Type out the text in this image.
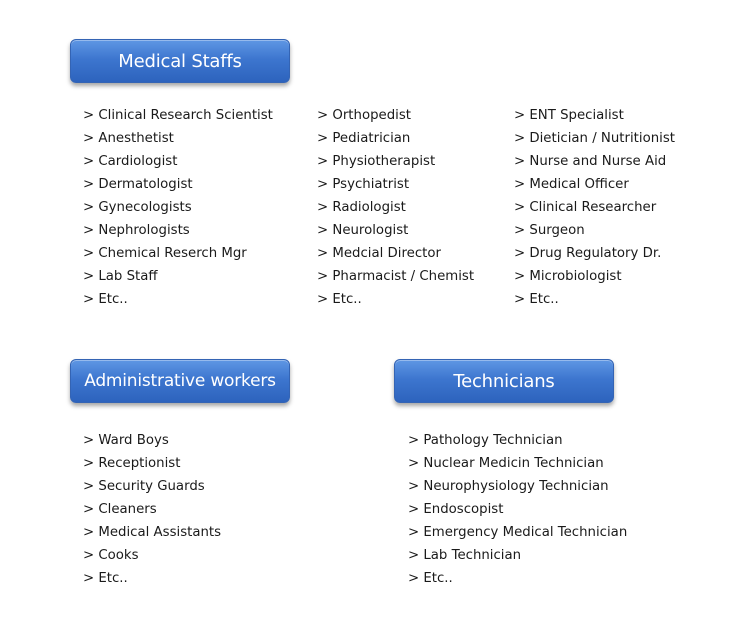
Medical Staffs
> Clinical Research Scientist
> Anesthetist
> Cardiologist
> Dermatologist
> Gynecologists
> Nephrologists
> Chemical Reserch Mgr
> Lab Staff
> Etc..
> Orthopedist
> Pediatrician
> Physiotherapist
> Psychiatrist
> Radiologist
> Neurologist
> Medcial Director
> Pharmacist / Chemist
> Etc..
> ENT Specialist
> Dietician / Nutritionist
> Nurse and Nurse Aid
> Medical Officer
> Clinical Researcher
> Surgeon
> Drug Regulatory Dr.
> Microbiologist
> Etc..
Administrative workers
> Ward Boys
> Receptionist
> Security Guards
> Cleaners
> Medical Assistants
> Cooks
> Etc..
Technicians
> Pathology Technician
> Nuclear Medicin Technician
> Neurophysiology Technician
> Endoscopist
> Emergency Medical Technician
> Lab Technician
> Etc..
